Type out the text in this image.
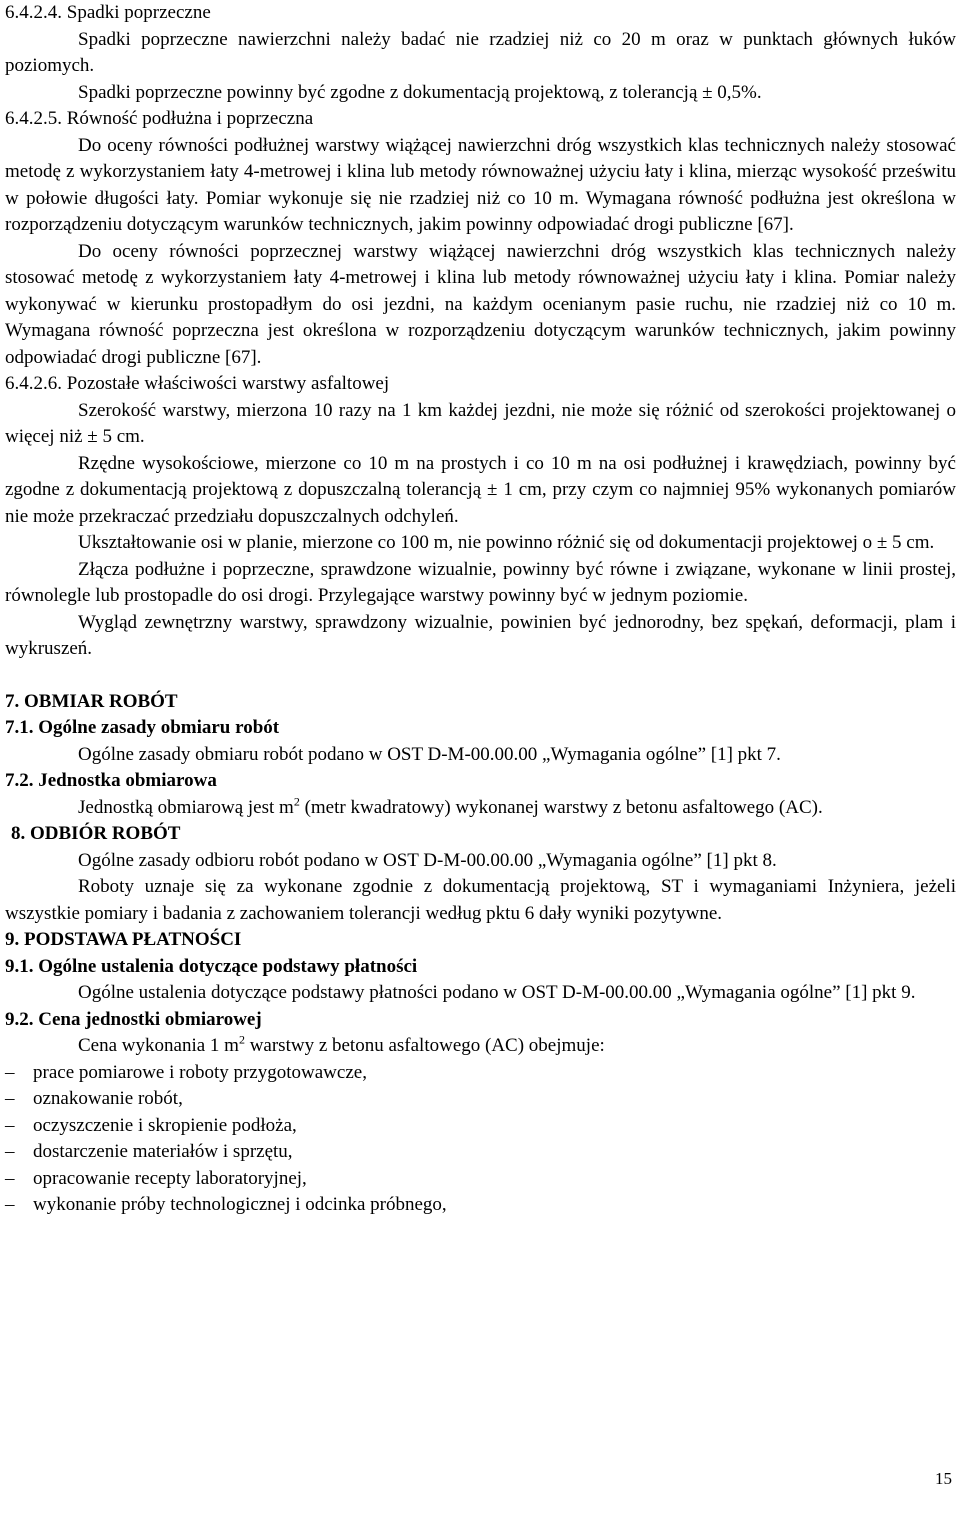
6.4.2.4. Spadki poprzeczne

Spadki poprzeczne nawierzchni należy badać nie rzadziej niż co 20 m oraz w punktach głównych łuków poziomych.

Spadki poprzeczne powinny być zgodne z dokumentacją projektową, z tolerancją ± 0,5%.

6.4.2.5. Równość podłużna i poprzeczna

Do oceny równości podłużnej warstwy wiążącej nawierzchni dróg wszystkich klas technicznych należy stosować metodę z wykorzystaniem łaty 4-metrowej i klina lub metody równoważnej użyciu łaty i klina, mierząc wysokość prześwitu w połowie długości łaty. Pomiar wykonuje się nie rzadziej niż co 10 m. Wymagana równość podłużna jest określona w rozporządzeniu dotyczącym warunków technicznych, jakim powinny odpowiadać drogi publiczne [67].

Do oceny równości poprzecznej warstwy wiążącej nawierzchni dróg wszystkich klas technicznych należy stosować metodę z wykorzystaniem łaty 4-metrowej i klina lub metody równoważnej użyciu łaty i klina. Pomiar należy wykonywać w kierunku prostopadłym do osi jezdni, na każdym ocenianym pasie ruchu, nie rzadziej niż co 10 m. Wymagana równość poprzeczna jest określona w rozporządzeniu dotyczącym warunków technicznych, jakim powinny odpowiadać drogi publiczne [67].

6.4.2.6. Pozostałe właściwości warstwy asfaltowej

Szerokość warstwy, mierzona 10 razy na 1 km każdej jezdni, nie może się różnić od szerokości projektowanej o więcej niż ± 5 cm.

Rzędne wysokościowe, mierzone co 10 m na prostych i co 10 m na osi podłużnej i krawędziach, powinny być zgodne z dokumentacją projektową z dopuszczalną tolerancją ± 1 cm, przy czym co najmniej 95% wykonanych pomiarów nie może przekraczać przedziału dopuszczalnych odchyleń.

Ukształtowanie osi w planie, mierzone co 100 m, nie powinno różnić się od dokumentacji projektowej o ± 5 cm.

Złącza podłużne i poprzeczne, sprawdzone wizualnie, powinny być równe i związane, wykonane w linii prostej, równolegle lub prostopadle do osi drogi. Przylegające warstwy powinny być w jednym poziomie.

Wygląd zewnętrzny warstwy, sprawdzony wizualnie, powinien być jednorodny, bez spękań, deformacji, plam i wykruszeń.

7. OBMIAR ROBÓT

7.1. Ogólne zasady obmiaru robót

Ogólne zasady obmiaru robót podano w OST D-M-00.00.00 „Wymagania ogólne” [1] pkt 7.

7.2. Jednostka obmiarowa

Jednostką obmiarową jest $m^2$ (metr kwadratowy) wykonanej warstwy z betonu asfaltowego (AC).

8. ODBIÓR ROBÓT

Ogólne zasady odbioru robót podano w OST D-M-00.00.00 „Wymagania ogólne” [1] pkt 8.

Roboty uznaje się za wykonane zgodnie z dokumentacją projektową, ST i wymaganiami Inżyniera, jeżeli wszystkie pomiary i badania z zachowaniem tolerancji według pktu 6 dały wyniki pozytywne.

9. PODSTAWA PŁATNOŚCI

9.1. Ogólne ustalenia dotyczące podstawy płatności

Ogólne ustalenia dotyczące podstawy płatności podano w OST D-M-00.00.00 „Wymagania ogólne” [1] pkt 9.

9.2. Cena jednostki obmiarowej

Cena wykonania 1 $m^2$ warstwy z betonu asfaltowego (AC) obejmuje:

– prace pomiarowe i roboty przygotowawcze,
– oznakowanie robót,
– oczyszczenie i skropienie podłoża,
– dostarczenie materiałów i sprzętu,
– opracowanie recepty laboratoryjnej,
– wykonanie próby technologicznej i odcinka próbnego,
15
